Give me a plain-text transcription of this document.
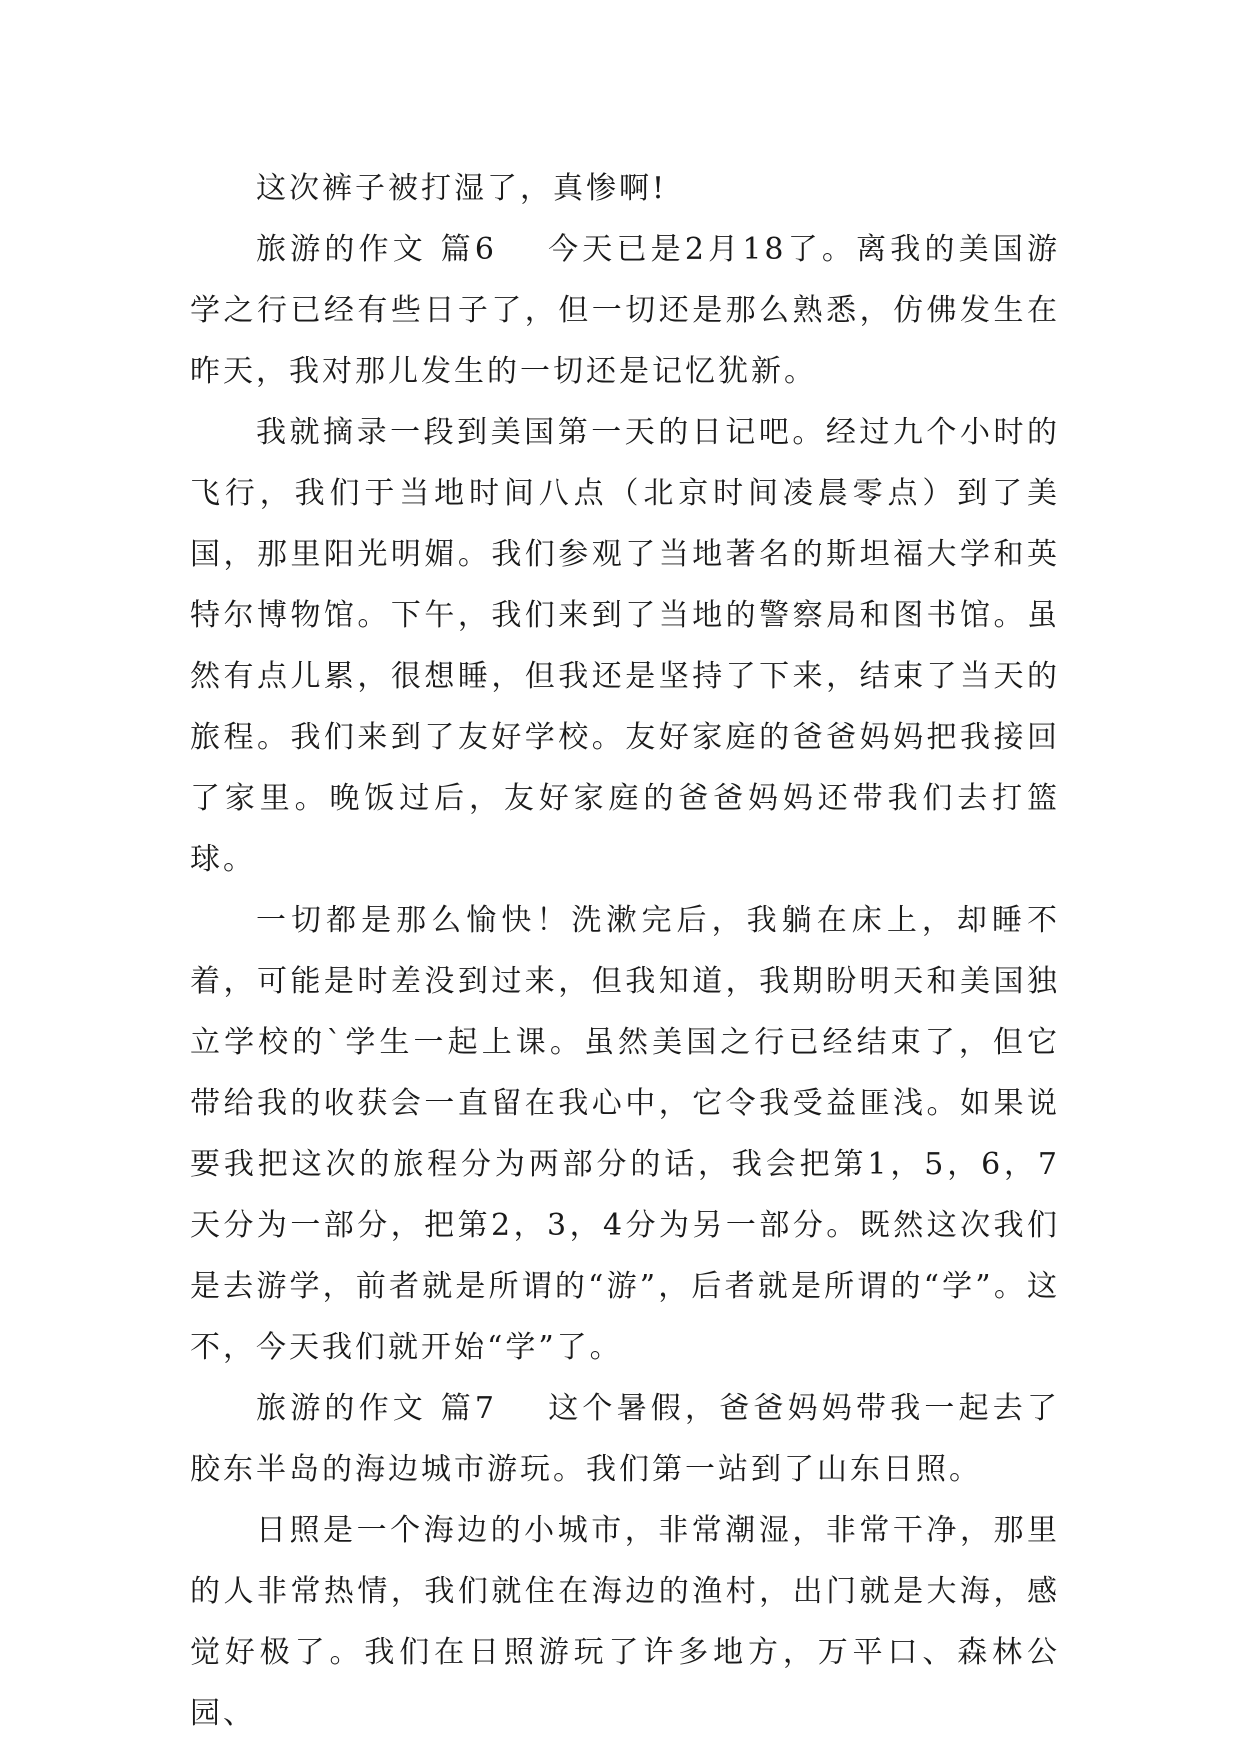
这次裤子被打湿了，真惨啊!

旅游的作文 篇6 今天已是2月18了。离我的美国游学之行已经有些日子了，但一切还是那么熟悉，仿佛发生在昨天，我对那儿发生的一切还是记忆犹新。

我就摘录一段到美国第一天的日记吧。经过九个小时的飞行，我们于当地时间八点（北京时间凌晨零点）到了美国，那里阳光明媚。我们参观了当地著名的斯坦福大学和英特尔博物馆。下午，我们来到了当地的警察局和图书馆。虽然有点儿累，很想睡，但我还是坚持了下来，结束了当天的旅程。我们来到了友好学校。友好家庭的爸爸妈妈把我接回了家里。晚饭过后，友好家庭的爸爸妈妈还带我们去打篮球。

一切都是那么愉快！洗漱完后，我躺在床上，却睡不着，可能是时差没到过来，但我知道，我期盼明天和美国独立学校的`学生一起上课。虽然美国之行已经结束了，但它带给我的收获会一直留在我心中，它令我受益匪浅。如果说要我把这次的旅程分为两部分的话，我会把第1，5，6，7天分为一部分，把第2，3，4分为另一部分。既然这次我们是去游学，前者就是所谓的“游”，后者就是所谓的“学”。这不，今天我们就开始“学”了。

旅游的作文 篇7 这个暑假，爸爸妈妈带我一起去了胶东半岛的海边城市游玩。我们第一站到了山东日照。

日照是一个海边的小城市，非常潮湿，非常干净，那里的人非常热情，我们就住在海边的渔村，出门就是大海，感觉好极了。我们在日照游玩了许多地方，万平口、森林公园、
